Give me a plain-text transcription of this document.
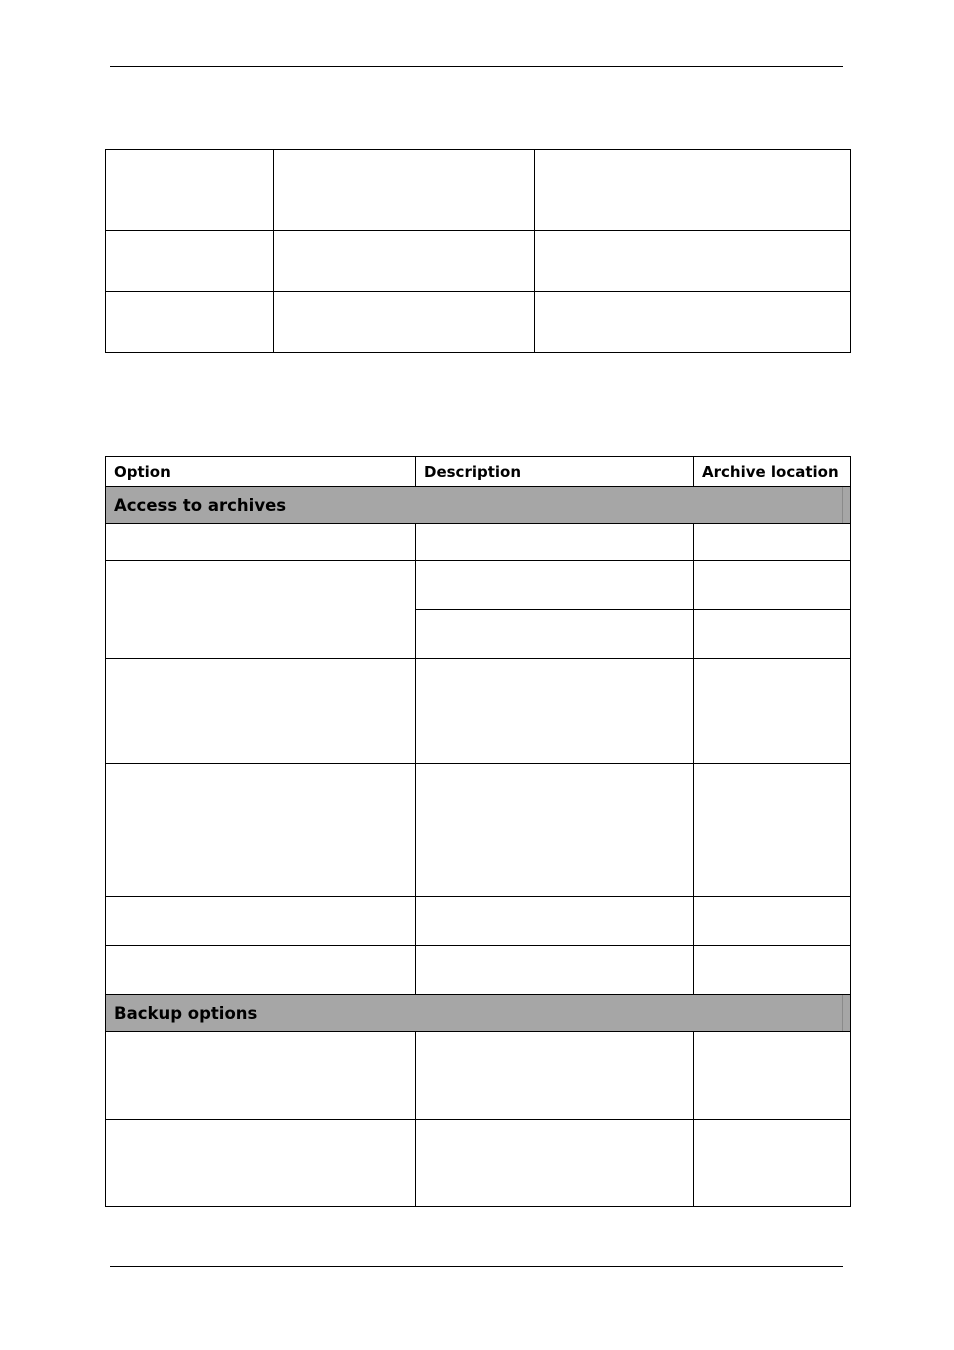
Option	Description	Archive location
Access to archives		

Backup options		
